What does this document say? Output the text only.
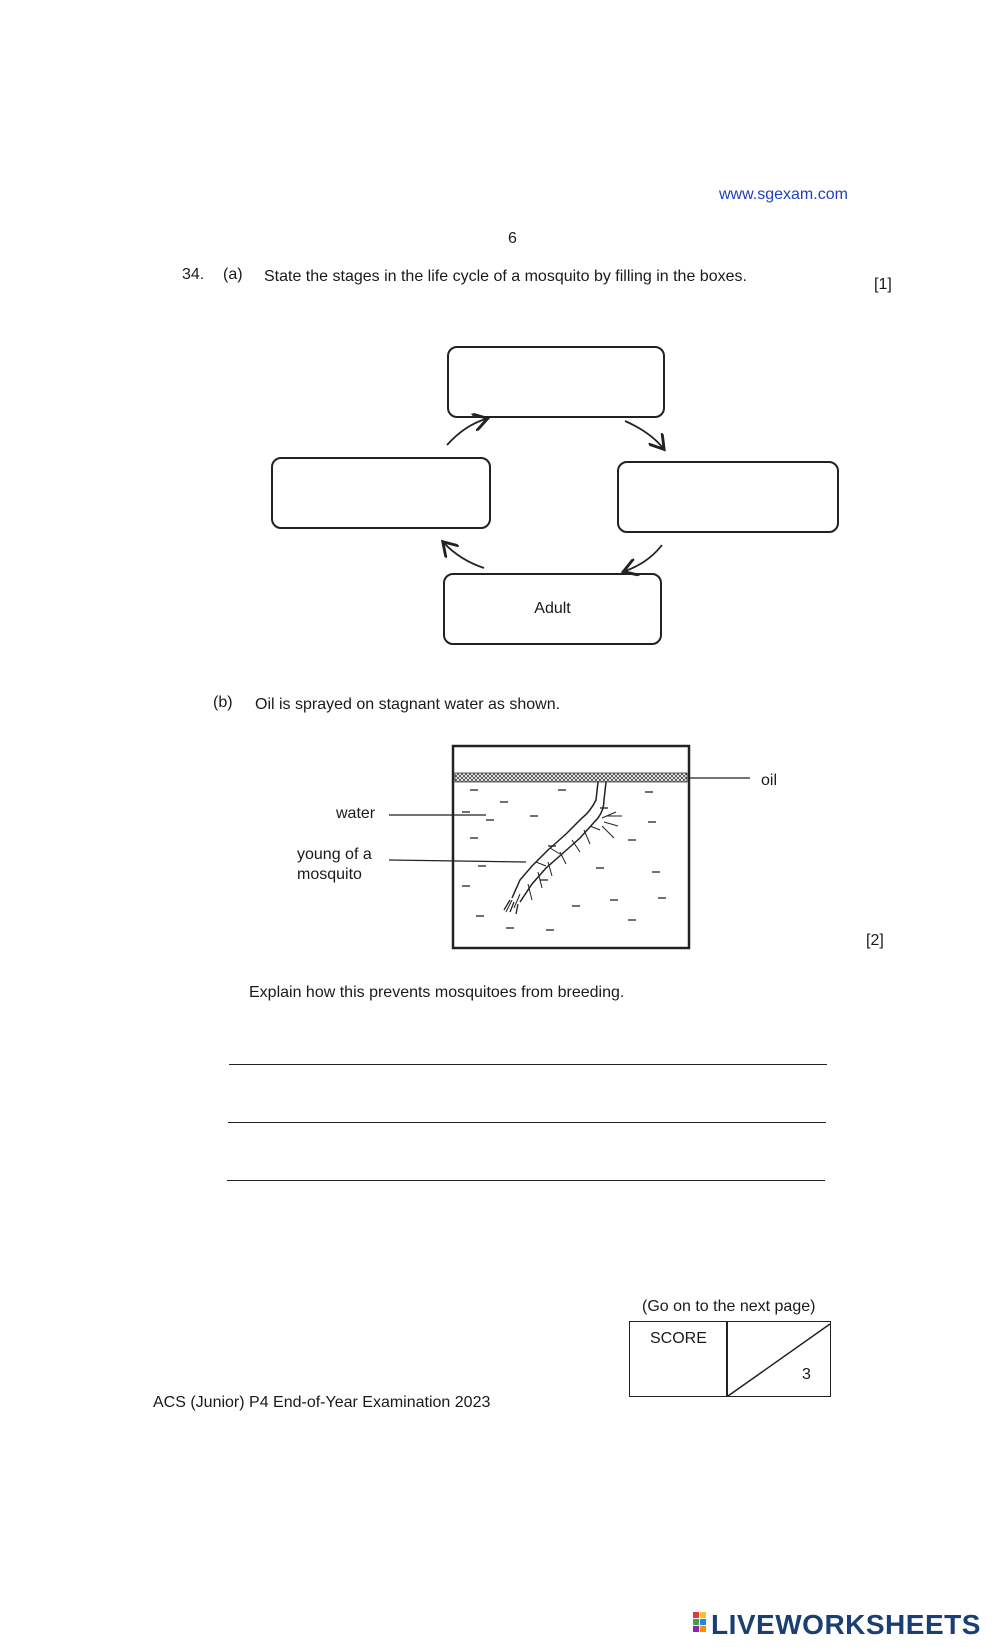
www.sgexam.com
6
34. (a) State the stages in the life cycle of a mosquito by filling in the boxes.	[1]
Adult
(b) Oil is sprayed on stagnant water as shown.
oil
water
young of a
mosquito
[2]
Explain how this prevents mosquitoes from breeding.
(Go on to the next page)
SCORE
3
ACS (Junior) P4 End-of-Year Examination 2023
LIVEWORKSHEETS
